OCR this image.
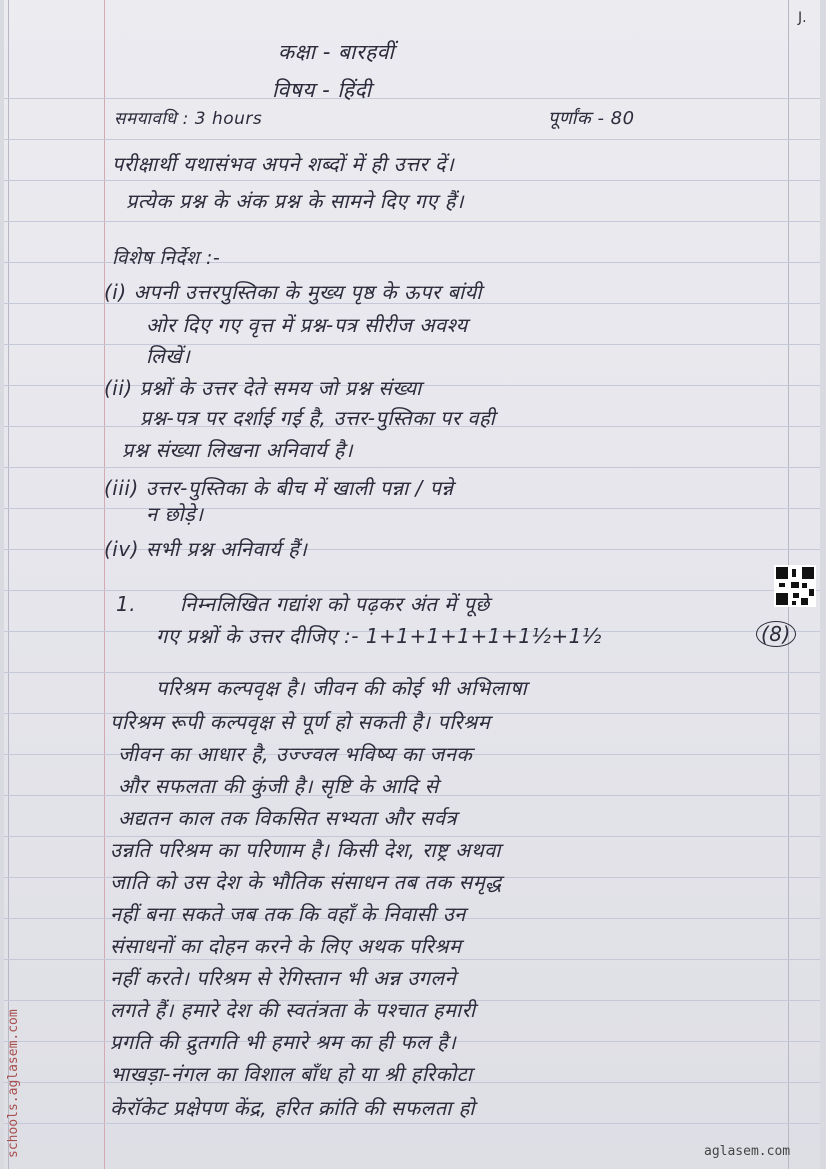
J.
कक्षा - बारहवीं
विषय - हिंदी
समयावधि : 3 hours	पूर्णांक - 80
परीक्षार्थी यथासंभव अपने शब्दों में ही उत्तर दें।
प्रत्येक प्रश्न के अंक प्रश्न के सामने दिए गए हैं।
विशेष निर्देश :-
(i) अपनी उत्तरपुस्तिका के मुख्य पृष्ठ के ऊपर बांयी
ओर दिए गए वृत्त में प्रश्न-पत्र सीरीज अवश्य
लिखें।
(ii) प्रश्नों के उत्तर देते समय जो प्रश्न संख्या
प्रश्न-पत्र पर दर्शाई गई है, उत्तर-पुस्तिका पर वही
प्रश्न संख्या लिखना अनिवार्य है।
(iii) उत्तर-पुस्तिका के बीच में खाली पन्ना / पन्ने
न छोड़े।
(iv) सभी प्रश्न अनिवार्य हैं।
1. निम्नलिखित गद्यांश को पढ़कर अंत में पूछे
गए प्रश्नों के उत्तर दीजिए :- 1+1+1+1+1+1½+1½	(8)
परिश्रम कल्पवृक्ष है। जीवन की कोई भी अभिलाषा
परिश्रम रूपी कल्पवृक्ष से पूर्ण हो सकती है। परिश्रम
जीवन का आधार है, उज्ज्वल भविष्य का जनक
और सफलता की कुंजी है। सृष्टि के आदि से
अद्यतन काल तक विकसित सभ्यता और सर्वत्र
उन्नति परिश्रम का परिणाम है। किसी देश, राष्ट्र अथवा
जाति को उस देश के भौतिक संसाधन तब तक समृद्ध
नहीं बना सकते जब तक कि वहाँ के निवासी उन
संसाधनों का दोहन करने के लिए अथक परिश्रम
नहीं करते। परिश्रम से रेगिस्तान भी अन्न उगलने
लगते हैं। हमारे देश की स्वतंत्रता के पश्चात हमारी
प्रगति की द्रुतगति भी हमारे श्रम का ही फल है।
भाखड़ा-नंगल का विशाल बाँध हो या श्री हरिकोटा
केरॉकेट प्रक्षेपण केंद्र, हरित क्रांति की सफलता हो
schools.aglasem.com	aglasem.com
